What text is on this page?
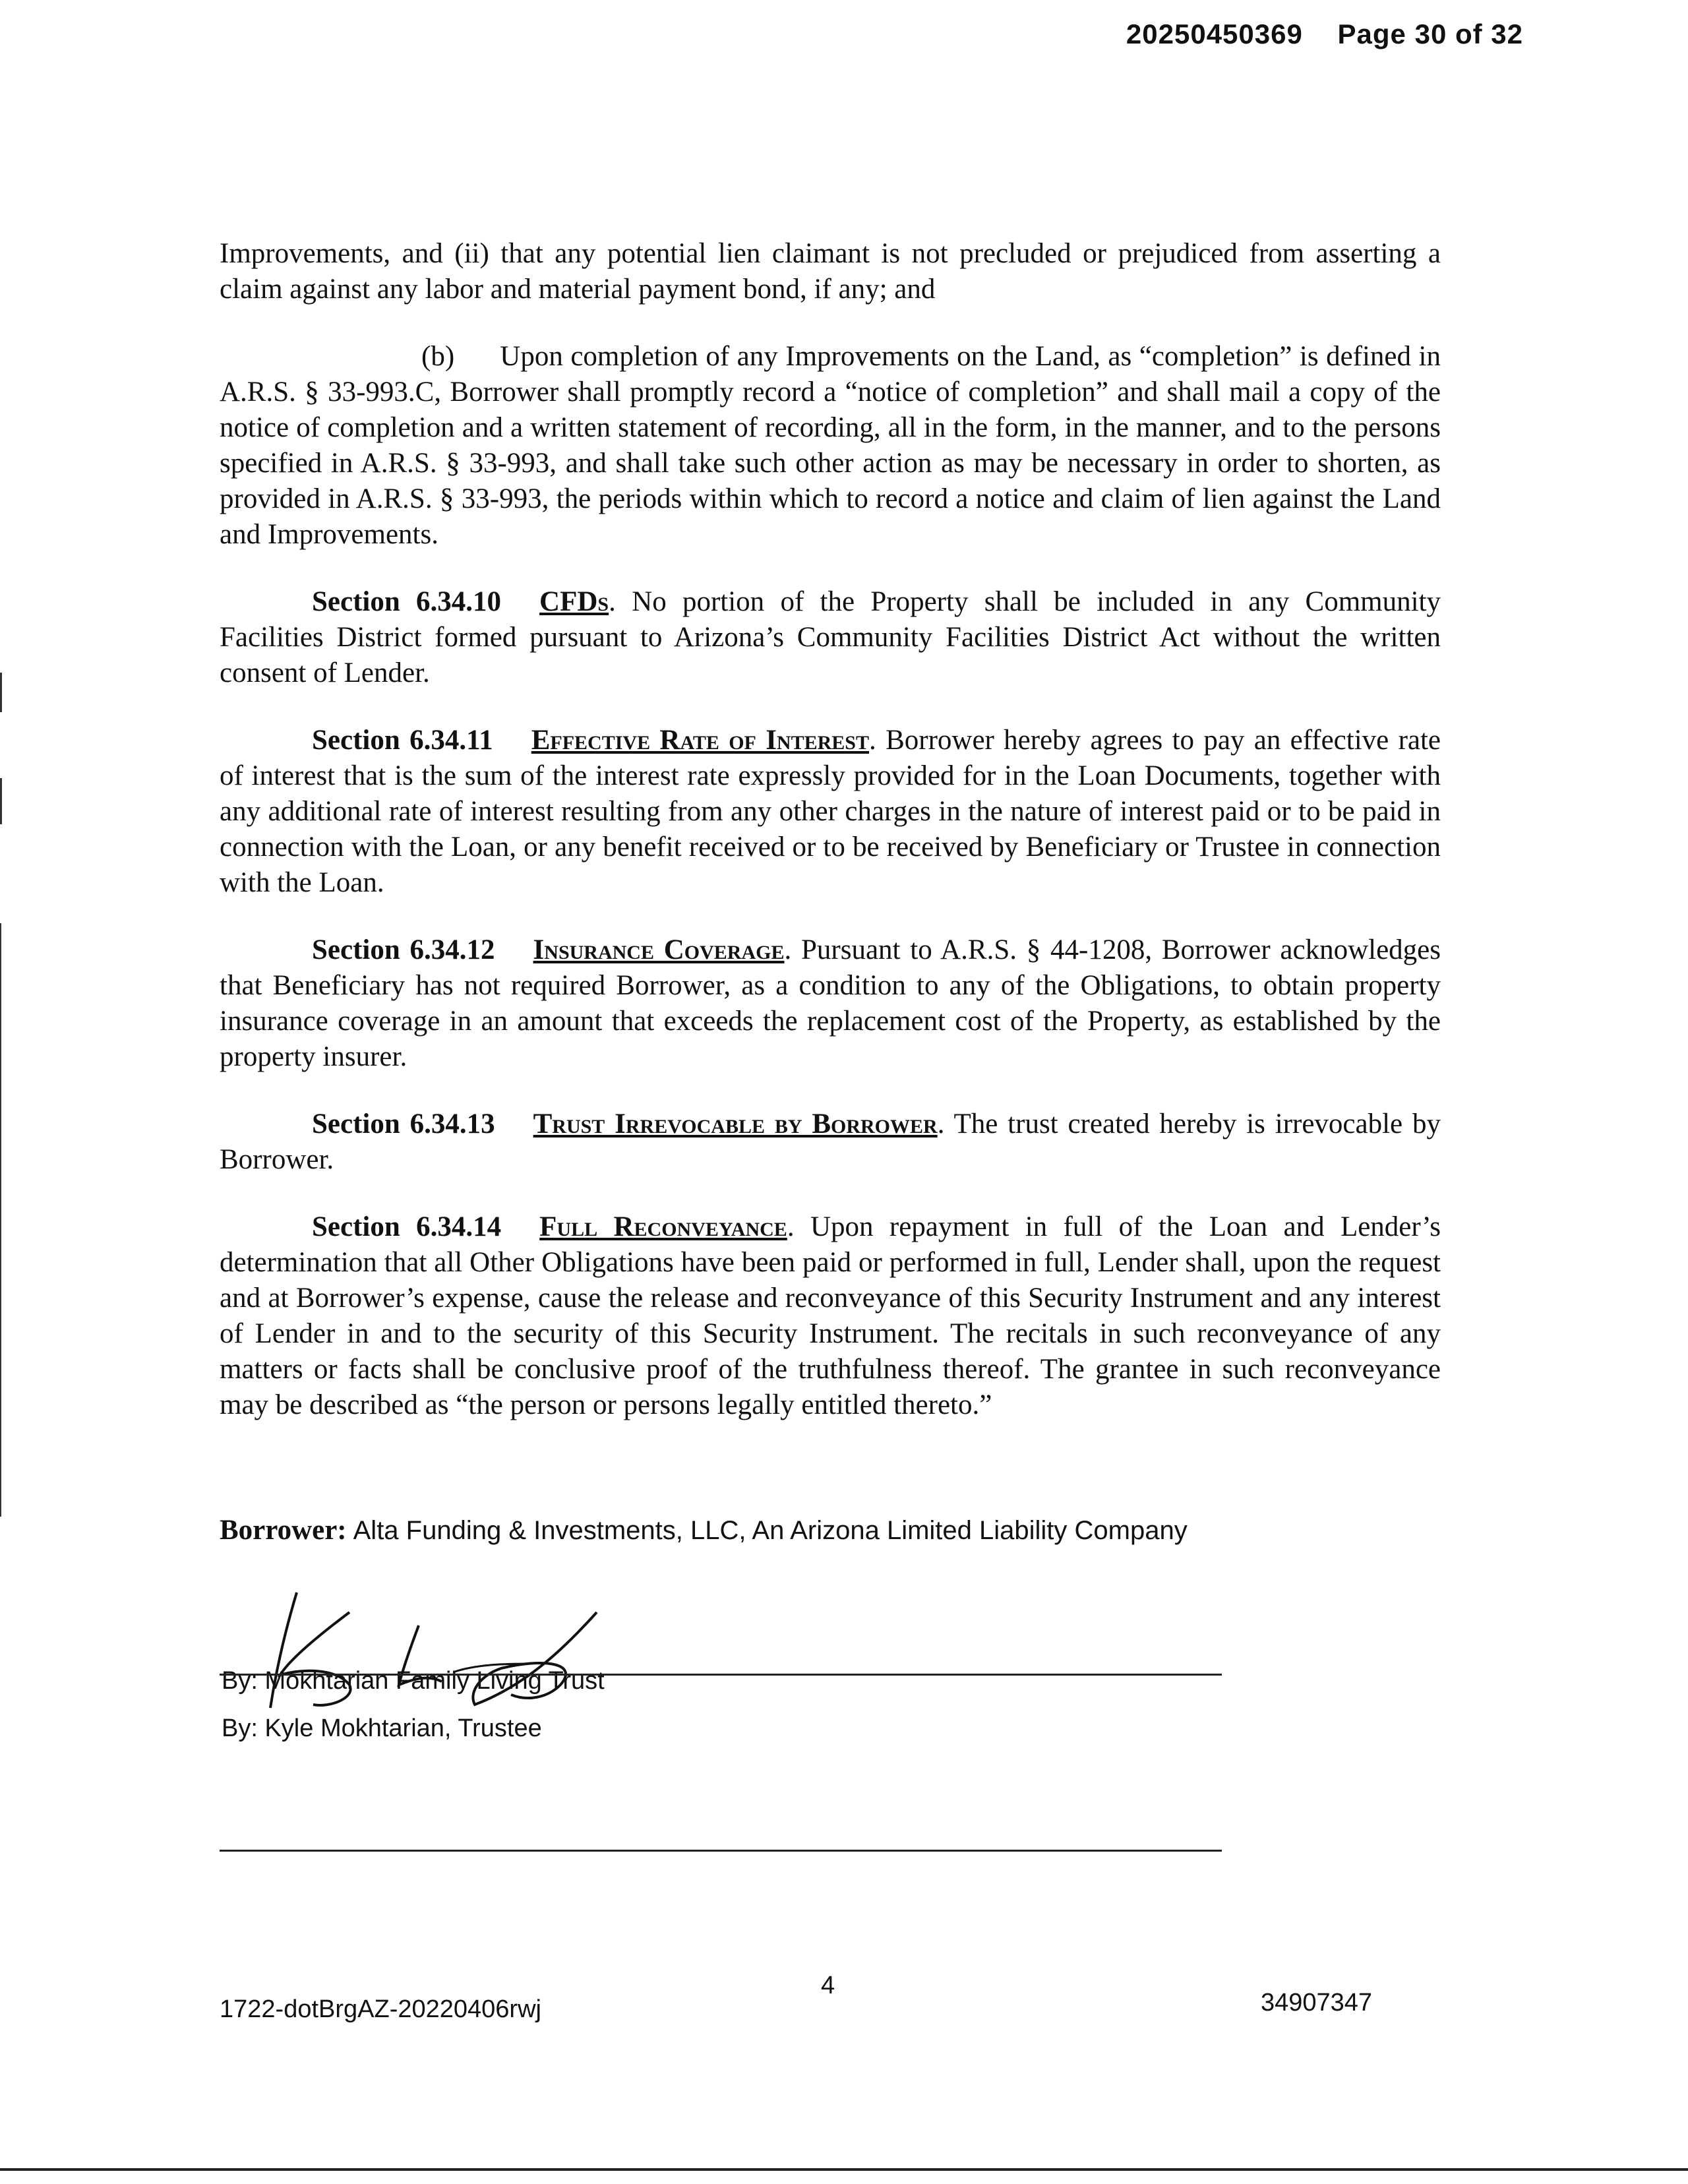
20250450369 Page 30 of 32

Improvements, and (ii) that any potential lien claimant is not precluded or prejudiced from asserting a claim against any labor and material payment bond, if any; and

(b)      Upon completion of any Improvements on the Land, as “completion” is defined in A.R.S. § 33-993.C, Borrower shall promptly record a “notice of completion” and shall mail a copy of the notice of completion and a written statement of recording, all in the form, in the manner, and to the persons specified in A.R.S. § 33-993, and shall take such other action as may be necessary in order to shorten, as provided in A.R.S. § 33-993, the periods within which to record a notice and claim of lien against the Land and Improvements.

Section 6.34.10 CFDs. No portion of the Property shall be included in any Community Facilities District formed pursuant to Arizona’s Community Facilities District Act without the written consent of Lender.

Section 6.34.11 Effective Rate of Interest. Borrower hereby agrees to pay an effective rate of interest that is the sum of the interest rate expressly provided for in the Loan Documents, together with any additional rate of interest resulting from any other charges in the nature of interest paid or to be paid in connection with the Loan, or any benefit received or to be received by Beneficiary or Trustee in connection with the Loan.

Section 6.34.12 Insurance Coverage. Pursuant to A.R.S. § 44-1208, Borrower acknowledges that Beneficiary has not required Borrower, as a condition to any of the Obligations, to obtain property insurance coverage in an amount that exceeds the replacement cost of the Property, as established by the property insurer.

Section 6.34.13 Trust Irrevocable by Borrower. The trust created hereby is irrevocable by Borrower.

Section 6.34.14 Full Reconveyance. Upon repayment in full of the Loan and Lender’s determination that all Other Obligations have been paid or performed in full, Lender shall, upon the request and at Borrower’s expense, cause the release and reconveyance of this Security Instrument and any interest of Lender in and to the security of this Security Instrument. The recitals in such reconveyance of any matters or facts shall be conclusive proof of the truthfulness thereof. The grantee in such reconveyance may be described as “the person or persons legally entitled thereto.”

Borrower: Alta Funding & Investments, LLC, An Arizona Limited Liability Company
By: Mokhtarian Family Living Trust
By: Kyle Mokhtarian, Trustee
1722-dotBrgAZ-20220406rwj
4
34907347
